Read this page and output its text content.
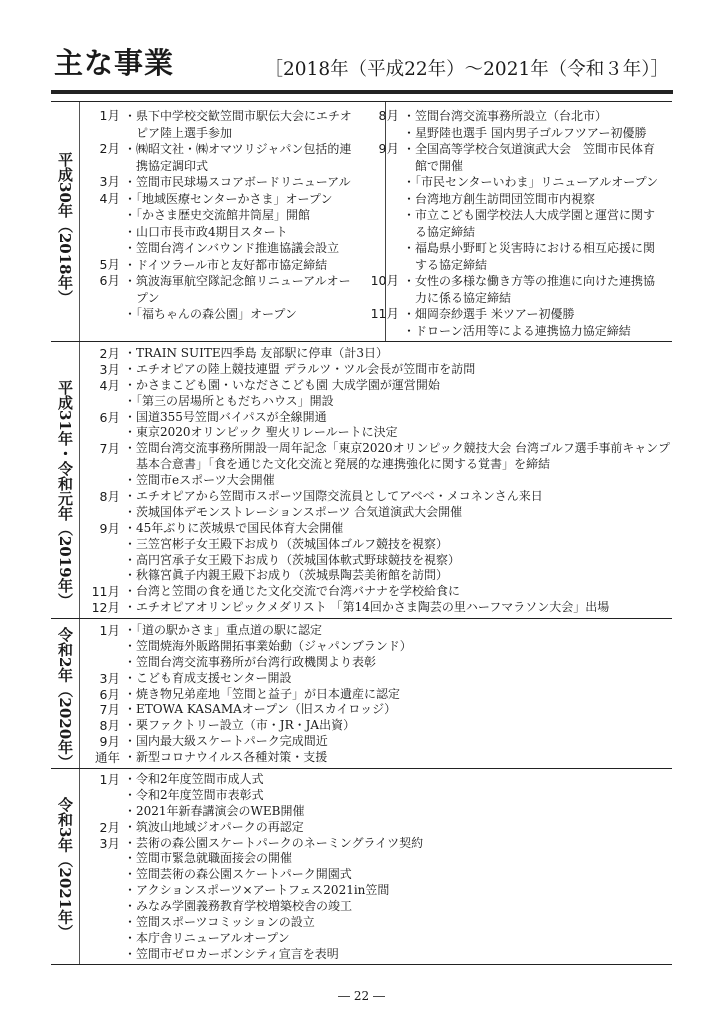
主な事業	［2018年（平成22年）～2021年（令和３年）］
平成30年（2018年）
1月 ・県下中学校交歓笠間市駅伝大会にエチオ
　ピア陸上選手参加
2月 ・㈱昭文社・㈱オマツリジャパン包括的連
　携協定調印式
3月 ・笠間市民球場スコアボードリニューアル
4月 ・「地域医療センターかさま」オープン
・「かさま歴史交流館井筒屋」開館
・山口市長市政4期目スタート
・笠間台湾インバウンド推進協議会設立
5月 ・ドイツラール市と友好都市協定締結
6月 ・筑波海軍航空隊記念館リニューアルオー
　プン
・「福ちゃんの森公園」オープン
8月 ・笠間台湾交流事務所設立（台北市）
・星野陸也選手 国内男子ゴルフツアー初優勝
9月 ・全国高等学校合気道演武大会　笠間市民体育
　館で開催
・「市民センターいわま」リニューアルオープン
・台湾地方創生訪問団笠間市内視察
・市立こども園学校法人大成学園と運営に関す
　る協定締結
・福島県小野町と災害時における相互応援に関
　する協定締結
10月 ・女性の多様な働き方等の推進に向けた連携協
　力に係る協定締結
11月 ・畑岡奈紗選手 米ツアー初優勝
・ドローン活用等による連携協力協定締結
平成31年・令和元年（2019年）
2月 ・TRAIN SUITE四季島 友部駅に停車（計3日）
3月 ・エチオピアの陸上競技連盟 デラルツ・ツル会長が笠間市を訪問
4月 ・かさまこども園・いなださこども園 大成学園が運営開始
・「第三の居場所ともだちハウス」開設
6月 ・国道355号笠間バイパスが全線開通
・東京2020オリンピック 聖火リレールートに決定
7月 ・笠間台湾交流事務所開設一周年記念「東京2020オリンピック競技大会 台湾ゴルフ選手事前キャンプ
　基本合意書」「食を通じた文化交流と発展的な連携強化に関する覚書」を締結
・笠間市eスポーツ大会開催
8月 ・エチオピアから笠間市スポーツ国際交流員としてアベベ・メコネンさん来日
・茨城国体デモンストレーションスポーツ 合気道演武大会開催
9月 ・45年ぶりに茨城県で国民体育大会開催
・三笠宮彬子女王殿下お成り（茨城国体ゴルフ競技を視察）
・高円宮承子女王殿下お成り（茨城国体軟式野球競技を視察）
・秋篠宮眞子内親王殿下お成り（茨城県陶芸美術館を訪問）
11月 ・台湾と笠間の食を通じた文化交流で台湾バナナを学校給食に
12月 ・エチオピアオリンピックメダリスト 「第14回かさま陶芸の里ハーフマラソン大会」出場
令和2年（2020年）	1月 ・「道の駅かさま」重点道の駅に認定
・笠間焼海外販路開拓事業始動（ジャパンブランド）
・笠間台湾交流事務所が台湾行政機関より表彰
3月 ・こども育成支援センター開設
6月 ・焼き物兄弟産地「笠間と益子」が日本遺産に認定
7月 ・ETOWA KASAMAオープン（旧スカイロッジ）
8月 ・栗ファクトリー設立（市・JR・JA出資）
9月 ・国内最大級スケートパーク完成間近
通年 ・新型コロナウイルス各種対策・支援
令和3年（2021年）
1月 ・令和2年度笠間市成人式
・令和2年度笠間市表彰式
・2021年新春講演会のWEB開催
2月 ・筑波山地域ジオパークの再認定
3月 ・芸術の森公園スケートパークのネーミングライツ契約
・笠間市緊急就職面接会の開催
・笠間芸術の森公園スケートパーク開園式
・アクションスポーツ×アートフェス2021in笠間
・みなみ学園義務教育学校増築校舎の竣工
・笠間スポーツコミッションの設立
・本庁舎リニューアルオープン
・笠間市ゼロカーボンシティ宣言を表明
― 22 ―
